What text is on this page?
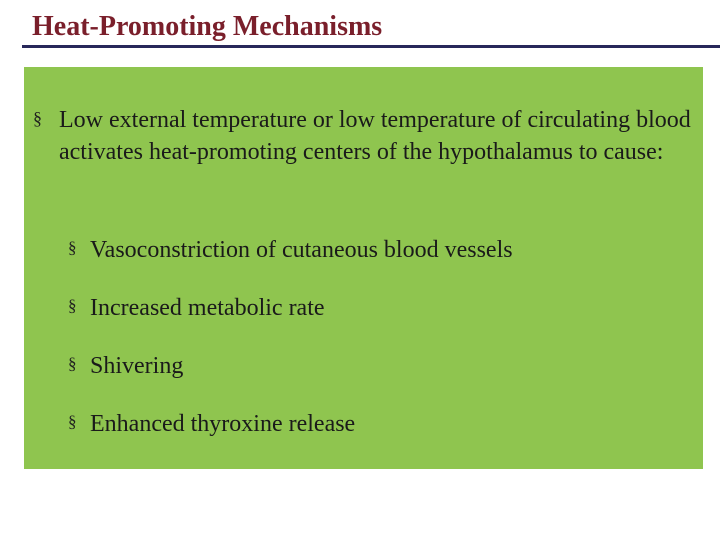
Heat-Promoting Mechanisms
§ Low external temperature or low temperature of circulating blood activates heat-promoting centers of the hypothalamus to cause:
§ Vasoconstriction of cutaneous blood vessels
§ Increased metabolic rate
§ Shivering
§ Enhanced thyroxine release
